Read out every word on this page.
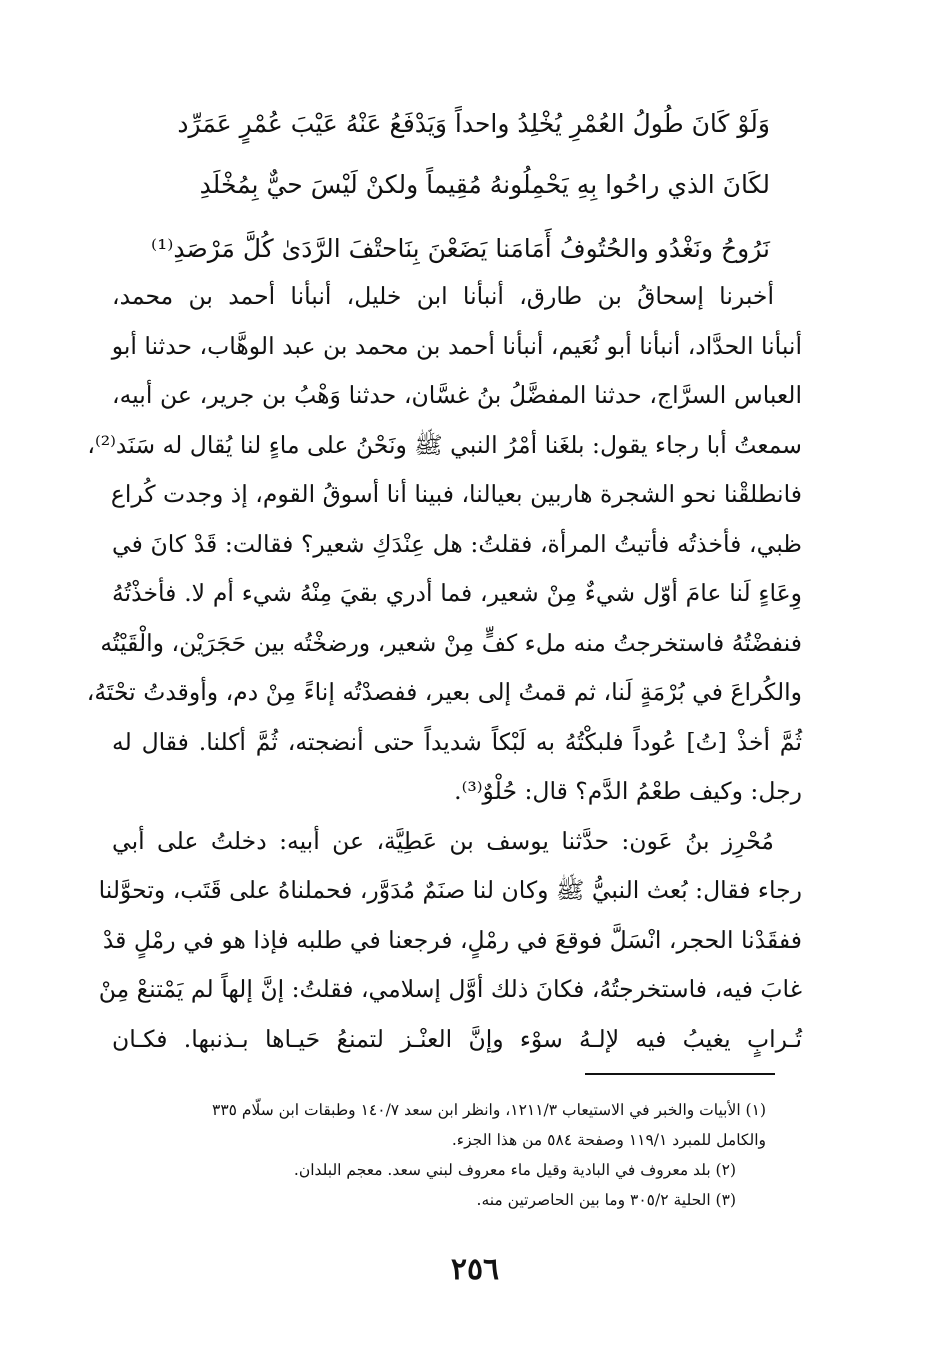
وَلَوْ كَانَ طُولُ العُمْرِ يُخْلِدُ واحداً وَيَدْفَعُ عَنْهُ عَيْبَ عُمْرٍ عَمَرِّد
لكَانَ الذي راحُوا بِهِ يَحْمِلُونهُ مُقِيماً ولكنْ لَيْسَ حيٌّ بِمُخْلَدِ
نَرُوحُ ونَغْدُو والحُتُوفُ أَمَامَنا يَضَعْنَ بِنَاحتْفَ الرَّدَىٰ كُلَّ مَرْصَدِ⁽¹⁾
أخبرنا إسحاقُ بن طارق، أنبأنا ابن خليل، أنبأنا أحمد بن محمد،
أنبأنا الحدَّاد، أنبأنا أبو نُعَيم، أنبأنا أحمد بن محمد بن عبد الوهَّاب، حدثنا أبو
العباس السرَّاج، حدثنا المفضَّلُ بنُ غسَّان، حدثنا وَهْبُ بن جرير، عن أبيه،
سمعتُ أبا رجاء يقول: بلغَنا أمْرُ النبي ﷺ ونَحْنُ على ماءٍ لنا يُقال له سَنَد⁽²⁾،
فانطلقْنا نحو الشجرة هاربين بعيالنا، فبينا أنا أسوقُ القوم، إذ وجدت كُراع
ظبي، فأخذتُه فأتيتُ المرأة، فقلتُ: هل عِنْدَكِ شعير؟ فقالت: قَدْ كانَ في
وِعَاءٍ لَنا عامَ أوّل شيءٌ مِنْ شعير، فما أدري بقيَ مِنْهُ شيء أم لا. فأخذْتُهُ
فنفضْتُهُ فاستخرجتُ منه ملء كفٍّ مِنْ شعير، ورضخْتُه بين حَجَرَيْن، والْقَيْتُه
والكُراعَ في بُرْمَةٍ لَنا، ثم قمتُ إلى بعير، ففصدْتُه إناءً مِنْ دم، وأوقدتُ تحْتَهُ،
ثُمَّ أخذْ [تُ] عُوداً فلبكْتُهُ به لَبْكاً شديداً حتى أنضجته، ثُمَّ أكلنا. فقال له
رجل: وكيف طعْمُ الدَّم؟ قال: حُلْوٌ⁽³⁾.
مُحْرِز بنُ عَون: حدَّثنا يوسف بن عَطِيَّة، عن أبيه: دخلتُ على أبي
رجاء فقال: بُعث النبيُّ ﷺ وكان لنا صنَمٌ مُدَوَّر، فحملناهُ على قَتَب، وتحوَّلنا
ففقَدْنا الحجر، انْسَلَّ فوقعَ في رمْلٍ، فرجعنا في طلبه فإذا هو في رمْلٍ قدْ
غابَ فيه، فاستخرجتُهُ، فكانَ ذلك أوَّل إسلامي، فقلتُ: إنَّ إلهاً لم يَمْتنعْ مِنْ
تُـرابٍ يغيبُ فيه لإلـهُ سوْء وإنَّ العنْـز لتمنعُ حَيـاها بـذنبها. فكـان
(١) الأبيات والخبر في الاستيعاب ١٢١١/٣، وانظر ابن سعد ١٤٠/٧ وطبقات ابن سلّام ٣٣٥
والكامل للمبرد ١١٩/١ وصفحة ٥٨٤ من هذا الجزء.
(٢) بلد معروف في البادية وقيل ماء معروف لبني سعد. معجم البلدان.
(٣) الحلية ٣٠٥/٢ وما بين الحاصرتين منه.
٢٥٦
